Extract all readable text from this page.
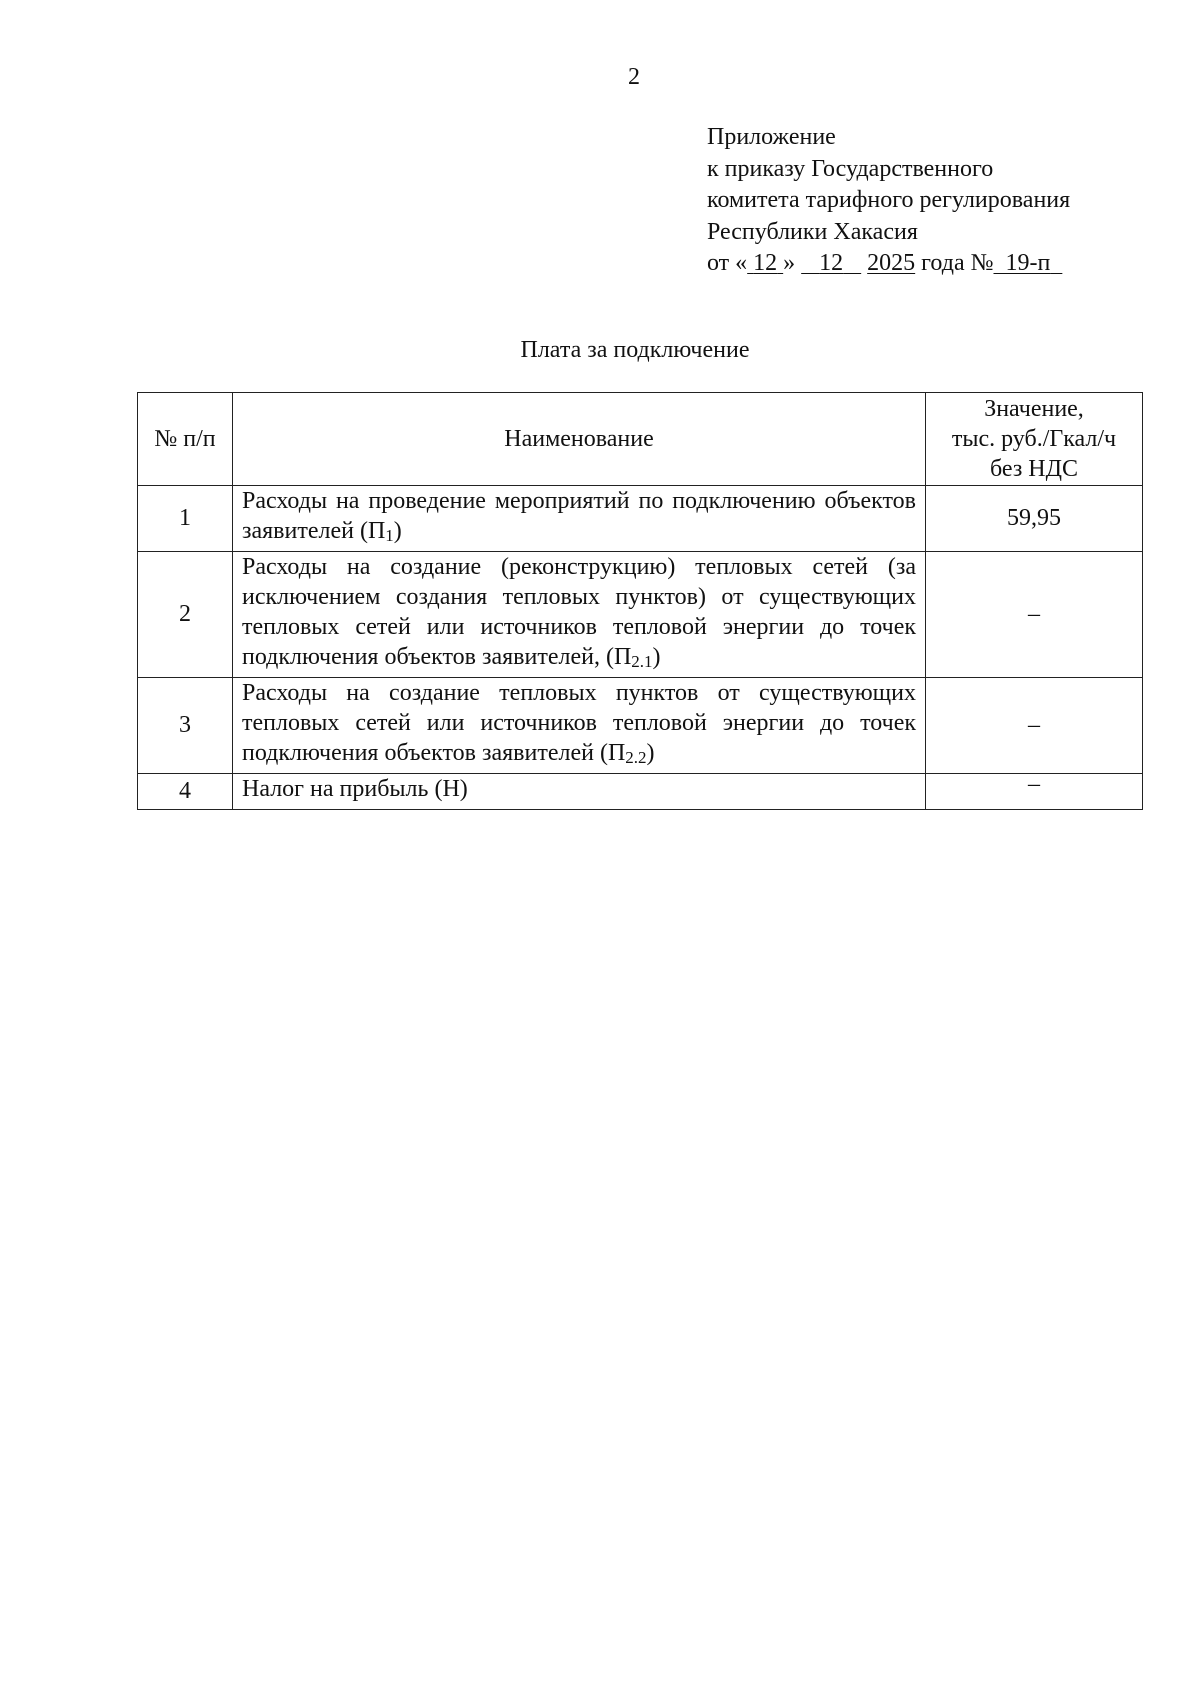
2
Приложение
к приказу Государственного
комитета тарифного регулирования
Республики Хакасия
от « 12 » 12 2025 года № 19-п
Плата за подключение
№ п/п	Наименование	Значение,
тыс. руб./Гкал/ч
без НДС

1	Расходы на проведение мероприятий по подключению объектов заявителей (П1)	59,95
2	Расходы на создание (реконструкцию) тепловых сетей (за исключением создания тепловых пунктов) от существующих тепловых сетей или источников тепловой энергии до точек подключения объектов заявителей, (П2.1)	–
3	Расходы на создание тепловых пунктов от существующих тепловых сетей или источников тепловой энергии до точек подключения объектов заявителей (П2.2)	–
4	Налог на прибыль (Н)	–
